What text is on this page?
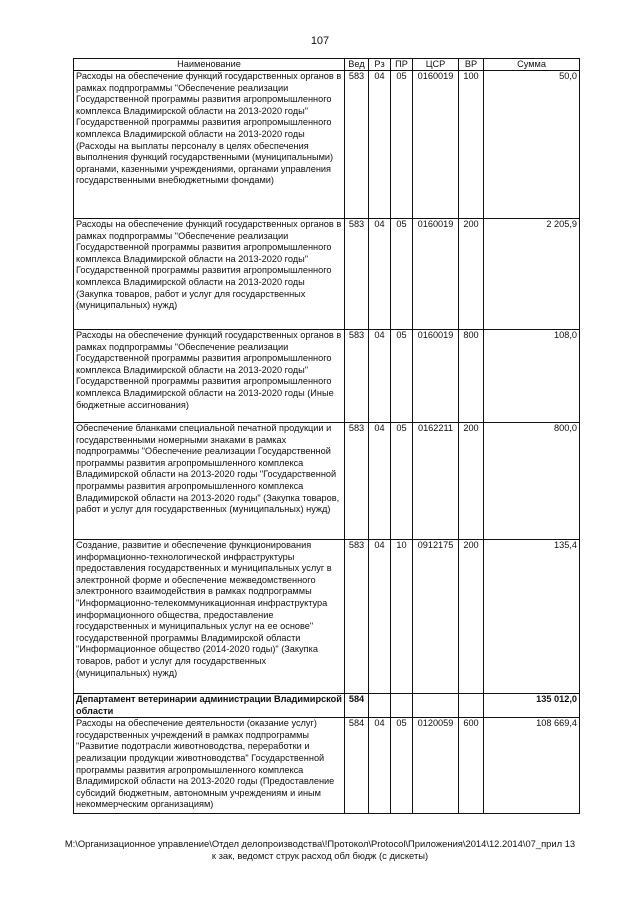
107
Наименование	Вед	Рз	ПР	ЦСР	ВР	Сумма
Расходы на обеспечение функций государственных органов в рамках подпрограммы "Обеспечение реализации Государственной программы развития агропромышленного комплекса Владимирской области на 2013-2020 годы" Государственной программы развития агропромышленного комплекса Владимирской области на 2013-2020 годы (Расходы на выплаты персоналу в целях обеспечения выполнения функций государственными (муниципальными) органами, казенными учреждениями, органами управления государственными внебюджетными фондами)	583	04	05	0160019	100	50,0
Расходы на обеспечение функций государственных органов в рамках подпрограммы "Обеспечение реализации Государственной программы развития агропромышленного комплекса Владимирской области на 2013-2020 годы" Государственной программы развития агропромышленного комплекса Владимирской области на 2013-2020 годы (Закупка товаров, работ и услуг для государственных (муниципальных) нужд)	583	04	05	0160019	200	2 205,9
Расходы на обеспечение функций государственных органов в рамках подпрограммы "Обеспечение реализации Государственной программы развития агропромышленного комплекса Владимирской области на 2013-2020 годы" Государственной программы развития агропромышленного комплекса Владимирской области на 2013-2020 годы (Иные бюджетные ассигнования)	583	04	05	0160019	800	108,0
Обеспечение бланками специальной печатной продукции и государственными номерными знаками в рамках подпрограммы "Обеспечение реализации Государственной программы развития агропромышленного комплекса Владимирской области на 2013-2020 годы "Государственной программы развития агропромышленного комплекса Владимирской области на 2013-2020 годы" (Закупка товаров, работ и услуг для государственных (муниципальных) нужд)	583	04	05	0162211	200	800,0
Создание, развитие и обеспечение функционирования информационно-технологической инфраструктуры предоставления государственных и муниципальных услуг в электронной форме и обеспечение межведомственного электронного взаимодействия в рамках подпрограммы "Информационно-телекоммуникационная инфраструктура информационного общества, предоставление государственных и муниципальных услуг на ее основе" государственной программы Владимирской области "Информационное общество (2014-2020 годы)" (Закупка товаров, работ и услуг для государственных (муниципальных) нужд)	583	04	10	0912175	200	135,4
Департамент ветеринарии администрации Владимирской области	584					135 012,0
Расходы на обеспечение деятельности (оказание услуг) государственных учреждений в рамках подпрограммы "Развитие подотрасли животноводства, переработки и реализации продукции животноводства" Государственной программы развития агропромышленного комплекса Владимирской области на 2013-2020 годы (Предоставление субсидий бюджетным, автономным учреждениям и иным некоммерческим организациям)	584	04	05	0120059	600	108 669,4
M:\Организационное управление\Отдел делопроизводства\!Протокол\Protocol\Приложения\2014\12.2014\07_прил 13
к зак, ведомст струк расход обл бюдж (с дискеты)
